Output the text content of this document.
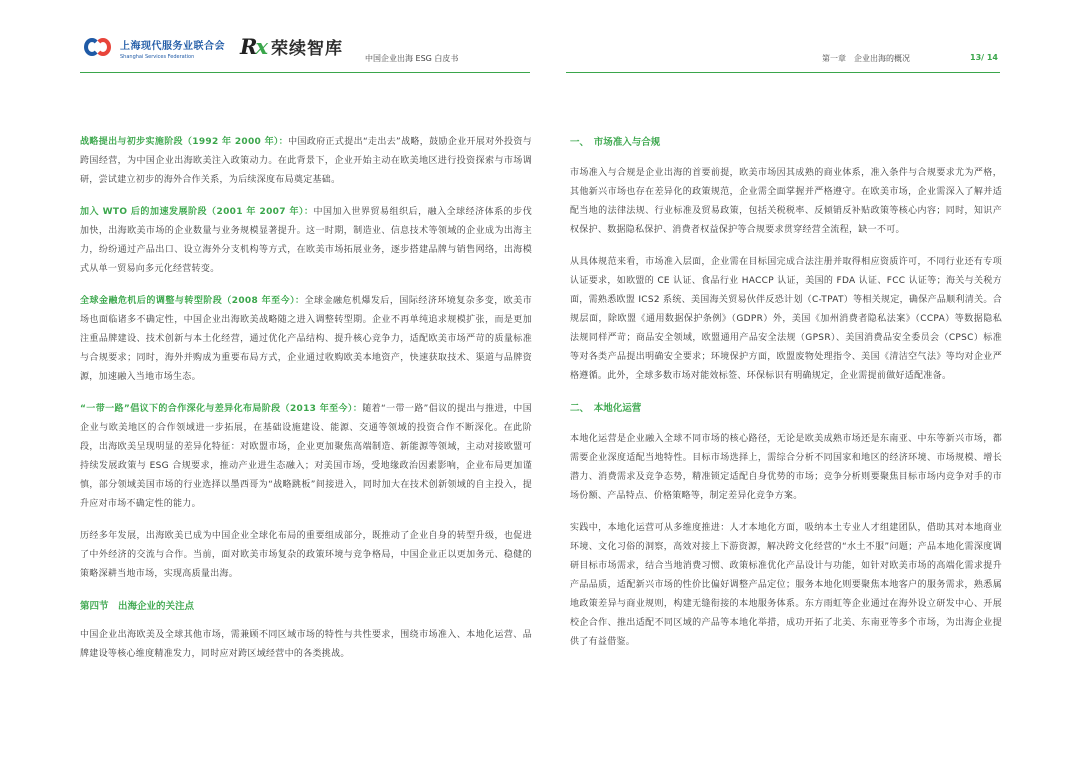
上海现代服务业联合会
Shanghai Services Federation	Rx 荣续智库	中国企业出海 ESG 白皮书	第一章　企业出海的概况	13/ 14

战略提出与初步实施阶段（1992 年 2000 年）：中国政府正式提出“走出去”战略，鼓励企业开展对外投资与跨国经营，为中国企业出海欧美注入政策动力。在此背景下，企业开始主动在欧美地区进行投资探索与市场调研，尝试建立初步的海外合作关系，为后续深度布局奠定基础。

加入 WTO 后的加速发展阶段（2001 年 2007 年）：中国加入世界贸易组织后，融入全球经济体系的步伐加快，出海欧美市场的企业数量与业务规模显著提升。这一时期，制造业、信息技术等领域的企业成为出海主力，纷纷通过产品出口、设立海外分支机构等方式，在欧美市场拓展业务，逐步搭建品牌与销售网络，出海模式从单一贸易向多元化经营转变。

全球金融危机后的调整与转型阶段（2008 年至今）：全球金融危机爆发后，国际经济环境复杂多变，欧美市场也面临诸多不确定性，中国企业出海欧美战略随之进入调整转型期。企业不再单纯追求规模扩张，而是更加注重品牌建设、技术创新与本土化经营，通过优化产品结构、提升核心竞争力，适配欧美市场严苛的质量标准与合规要求；同时，海外并购成为重要布局方式，企业通过收购欧美本地资产，快速获取技术、渠道与品牌资源，加速融入当地市场生态。

“一带一路”倡议下的合作深化与差异化布局阶段（2013 年至今）：随着“一带一路”倡议的提出与推进，中国企业与欧美地区的合作领域进一步拓展，在基础设施建设、能源、交通等领域的投资合作不断深化。在此阶段，出海欧美呈现明显的差异化特征：对欧盟市场，企业更加聚焦高端制造、新能源等领域，主动对接欧盟可持续发展政策与 ESG 合规要求，推动产业进生态融入；对美国市场，受地缘政治因素影响，企业布局更加谨慎，部分领域美国市场的行业选择以墨西哥为“战略跳板”间接进入，同时加大在技术创新领域的自主投入，提升应对市场不确定性的能力。

历经多年发展，出海欧美已成为中国企业全球化布局的重要组成部分，既推动了企业自身的转型升级，也促进了中外经济的交流与合作。当前，面对欧美市场复杂的政策环境与竞争格局，中国企业正以更加务元、稳健的策略深耕当地市场，实现高质量出海。

第四节　出海企业的关注点

中国企业出海欧美及全球其他市场，需兼顾不同区域市场的特性与共性要求，围绕市场准入、本地化运营、品牌建设等核心维度精准发力，同时应对跨区域经营中的各类挑战。

一、　市场准入与合规

市场准入与合规是企业出海的首要前提，欧美市场因其成熟的商业体系，准入条件与合规要求尤为严格，其他新兴市场也存在差异化的政策规范，企业需全面掌握并严格遵守。在欧美市场，企业需深入了解并适配当地的法律法规、行业标准及贸易政策，包括关税税率、反倾销反补贴政策等核心内容；同时，知识产权保护、数据隐私保护、消费者权益保护等合规要求贯穿经营全流程，缺一不可。

从具体规范来看，市场准入层面，企业需在目标国完成合法注册并取得相应资质许可，不同行业还有专项认证要求，如欧盟的 CE 认证、食品行业 HACCP 认证，美国的 FDA 认证、FCC 认证等；海关与关税方面，需熟悉欧盟 ICS2 系统、美国海关贸易伙伴反恐计划（C-TPAT）等相关规定，确保产品顺利清关。合规层面，除欧盟《通用数据保护条例》（GDPR）外，美国《加州消费者隐私法案》（CCPA）等数据隐私法规同样严苛；商品安全领域，欧盟通用产品安全法规（GPSR）、美国消费品安全委员会（CPSC）标准等对各类产品提出明确安全要求；环境保护方面，欧盟废物处理指令、美国《清洁空气法》等均对企业严格遵循。此外，全球多数市场对能效标签、环保标识有明确规定，企业需提前做好适配准备。

二、　本地化运营

本地化运营是企业融入全球不同市场的核心路径，无论是欧美成熟市场还是东南亚、中东等新兴市场，都需要企业深度适配当地特性。目标市场选择上，需综合分析不同国家和地区的经济环境、市场规模、增长潜力、消费需求及竞争态势，精准锁定适配自身优势的市场；竞争分析则要聚焦目标市场内竞争对手的市场份额、产品特点、价格策略等，制定差异化竞争方案。

实践中，本地化运营可从多维度推进：人才本地化方面，吸纳本土专业人才组建团队，借助其对本地商业环境、文化习俗的洞察，高效对接上下游资源，解决跨文化经营的“水土不服”问题；产品本地化需深度调研目标市场需求，结合当地消费习惯、政策标准优化产品设计与功能，如针对欧美市场的高端化需求提升产品品质，适配新兴市场的性价比偏好调整产品定位；服务本地化则要聚焦本地客户的服务需求，熟悉属地政策差异与商业规则，构建无缝衔接的本地服务体系。东方雨虹等企业通过在海外设立研发中心、开展校企合作、推出适配不同区域的产品等本地化举措，成功开拓了北美、东南亚等多个市场，为出海企业提供了有益借鉴。
